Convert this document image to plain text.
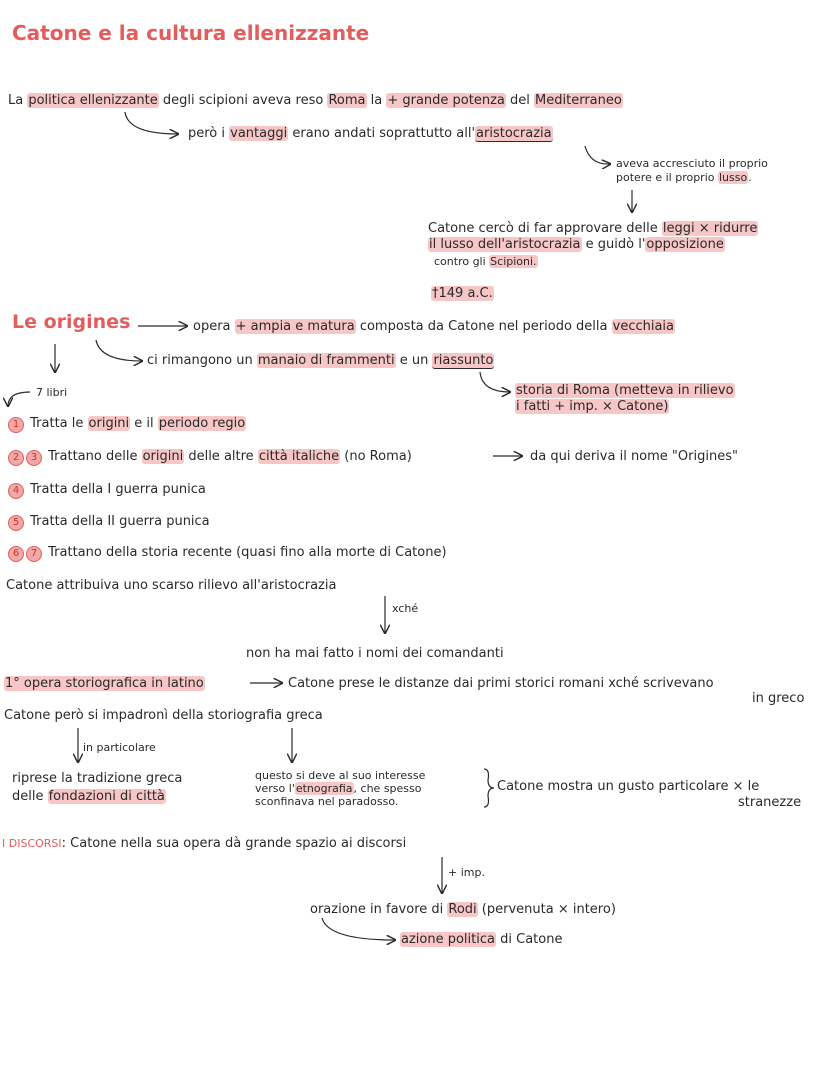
Catone e la cultura ellenizzante
La politica ellenizzante degli scipioni aveva reso Roma la + grande potenza del Mediterraneo
però i vantaggi erano andati soprattutto all'aristocrazia
aveva accresciuto il proprio
potere e il proprio lusso.
Catone cercò di far approvare delle leggi × ridurre
il lusso dell'aristocrazia e guidò l'opposizione
contro gli Scipioni.
†149 a.C.
Le origines	opera + ampia e matura composta da Catone nel periodo della vecchiaia
ci rimangono un manaio di frammenti e un riassunto
storia di Roma (metteva in rilievo
i fatti + imp. × Catone)
7 libri
1 Tratta le origini e il periodo regio
2 3 Trattano delle origini delle altre città italiche (no Roma)	da qui deriva il nome "Origines"
4 Tratta della I guerra punica
5 Tratta della II guerra punica
6 7 Trattano della storia recente (quasi fino alla morte di Catone)
Catone attribuiva uno scarso rilievo all'aristocrazia
xché
non ha mai fatto i nomi dei comandanti
1° opera storiografica in latino	Catone prese le distanze dai primi storici romani xché scrivevano
in greco
Catone però si impadronì della storiografia greca
in particolare
riprese la tradizione greca
delle fondazioni di città
questo si deve al suo interesse
verso l'etnografia, che spesso
sconfinava nel paradosso.
Catone mostra un gusto particolare × le
stranezze
I DISCORSI: Catone nella sua opera dà grande spazio ai discorsi
+ imp.
orazione in favore di Rodi (pervenuta × intero)
azione politica di Catone
